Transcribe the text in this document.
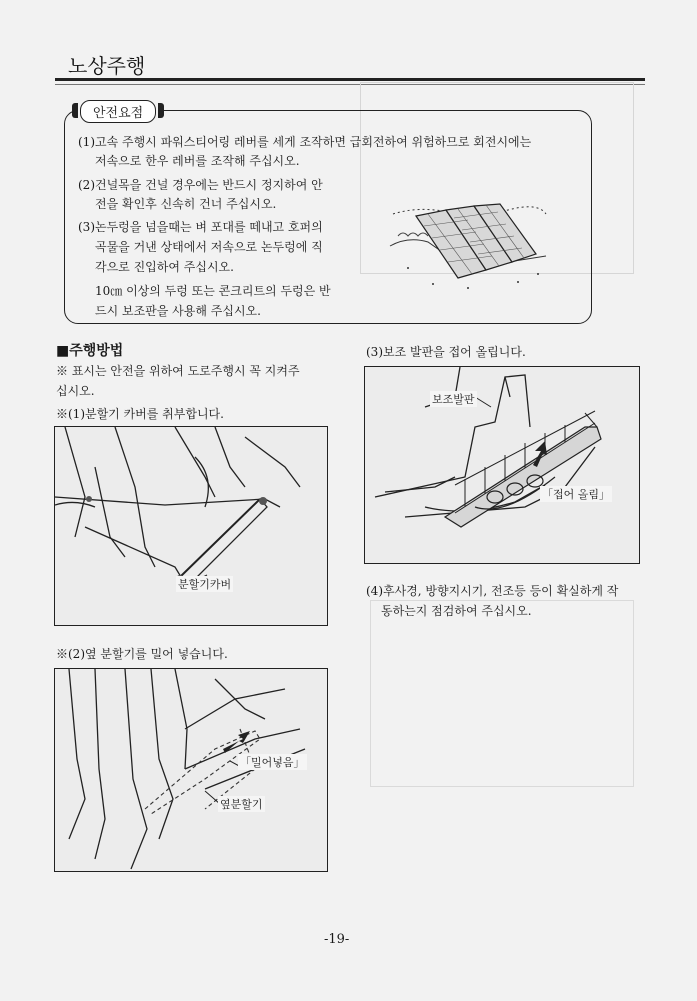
노상주행
안전요점
(1)고속 주행시 파워스티어링 레버를 세게 조작하면 급회전하여 위험하므로 회전시에는
저속으로 한우 레버를 조작해 주십시오.
(2)건널목을 건널 경우에는 반드시 정지하여 안
전을 확인후 신속히 건너 주십시오.
(3)논두렁을 넘을때는 벼 포대를 떼내고 호퍼의
곡물을 거낸 상태에서 저속으로 논두렁에 직
각으로 진입하여 주십시오.
10㎝ 이상의 두렁 또는 콘크리트의 두렁은 반
드시 보조판을 사용해 주십시오.
■주행방법
※ 표시는 안전을 위하여 도로주행시 꼭 지켜주
십시오.
※(1)분할기 카버를 취부합니다.
분할기카버
※(2)옆 분할기를 밀어 넣습니다.
「밀어넣음」
옆분할기
(3)보조 발판을 접어 올립니다.
보조발판
「접어 올림」
(4)후사경, 방향지시기, 전조등 등이 확실하게 작
동하는지 점검하여 주십시오.
-19-
